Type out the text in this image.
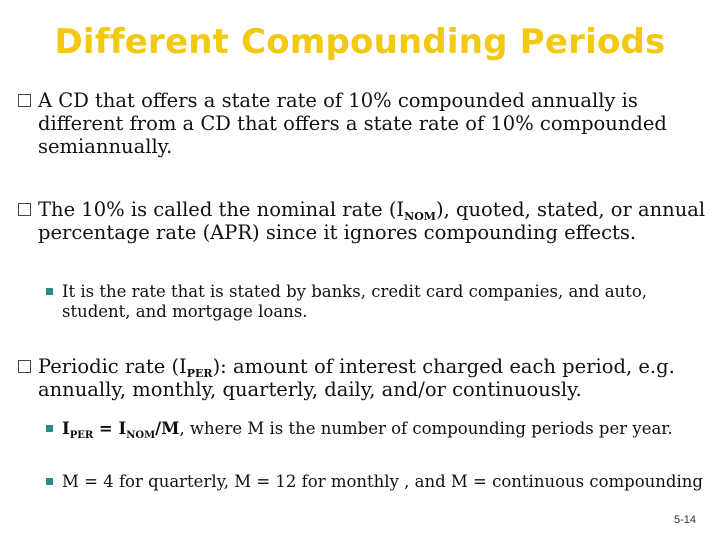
Different Compounding Periods
A CD that offers a state rate of 10% compounded annually is different from a CD that offers a state rate of 10% compounded semiannually.
The 10% is called the nominal rate $(I_{NOM})$, quoted, stated, or annual percentage rate (APR) since it ignores compounding effects.
It is the rate that is stated by banks, credit card companies, and auto, student, and mortgage loans.
Periodic rate $(I_{PER})$: amount of interest charged each period, e.g. annually, monthly, quarterly, daily, and/or continuously.
$I_{PER} = I_{NOM}/M$, where M is the number of compounding periods per year.
M = 4 for quarterly, M = 12 for monthly , and M = continuous compounding
5-14
